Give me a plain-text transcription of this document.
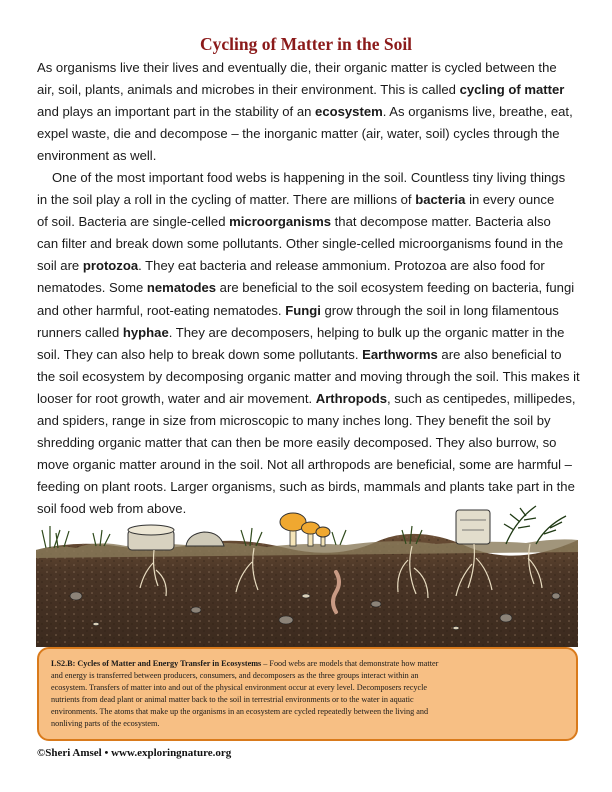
Cycling of Matter in the Soil
As organisms live their lives and eventually die, their organic matter is cycled between the
air, soil, plants, animals and microbes in their environment. This is called cycling of matter
and plays an important part in the stability of an ecosystem. As organisms live, breathe, eat,
expel waste, die and decompose – the inorganic matter (air, water, soil) cycles through the
environment as well.
One of the most important food webs is happening in the soil. Countless tiny living things
in the soil play a roll in the cycling of matter. There are millions of bacteria in every ounce
of soil. Bacteria are single-celled microorganisms that decompose matter. Bacteria also
can filter and break down some pollutants. Other single-celled microorganisms found in the
soil are protozoa. They eat bacteria and release ammonium. Protozoa are also food for
nematodes. Some nematodes are beneficial to the soil ecosystem feeding on bacteria, fungi
and other harmful, root-eating nematodes. Fungi grow through the soil in long filamentous
runners called hyphae. They are decomposers, helping to bulk up the organic matter in the
soil. They can also help to break down some pollutants. Earthworms are also beneficial to
the soil ecosystem by decomposing organic matter and moving through the soil. This makes it
looser for root growth, water and air movement. Arthropods, such as centipedes, millipedes,
and spiders, range in size from microscopic to many inches long. They benefit the soil by
shredding organic matter that can then be more easily decomposed. They also burrow, so
move organic matter around in the soil. Not all arthropods are beneficial, some are harmful –
feeding on plant roots. Larger organisms, such as birds, mammals and plants take part in the
soil food web from above.
LS2.B: Cycles of Matter and Energy Transfer in Ecosystems – Food webs are models that demonstrate how matter
and energy is transferred between producers, consumers, and decomposers as the three groups interact within an
ecosystem. Transfers of matter into and out of the physical environment occur at every level. Decomposers recycle
nutrients from dead plant or animal matter back to the soil in terrestrial environments or to the water in aquatic
environments. The atoms that make up the organisms in an ecosystem are cycled repeatedly between the living and
nonliving parts of the ecosystem.
©Sheri Amsel • www.exploringnature.org
